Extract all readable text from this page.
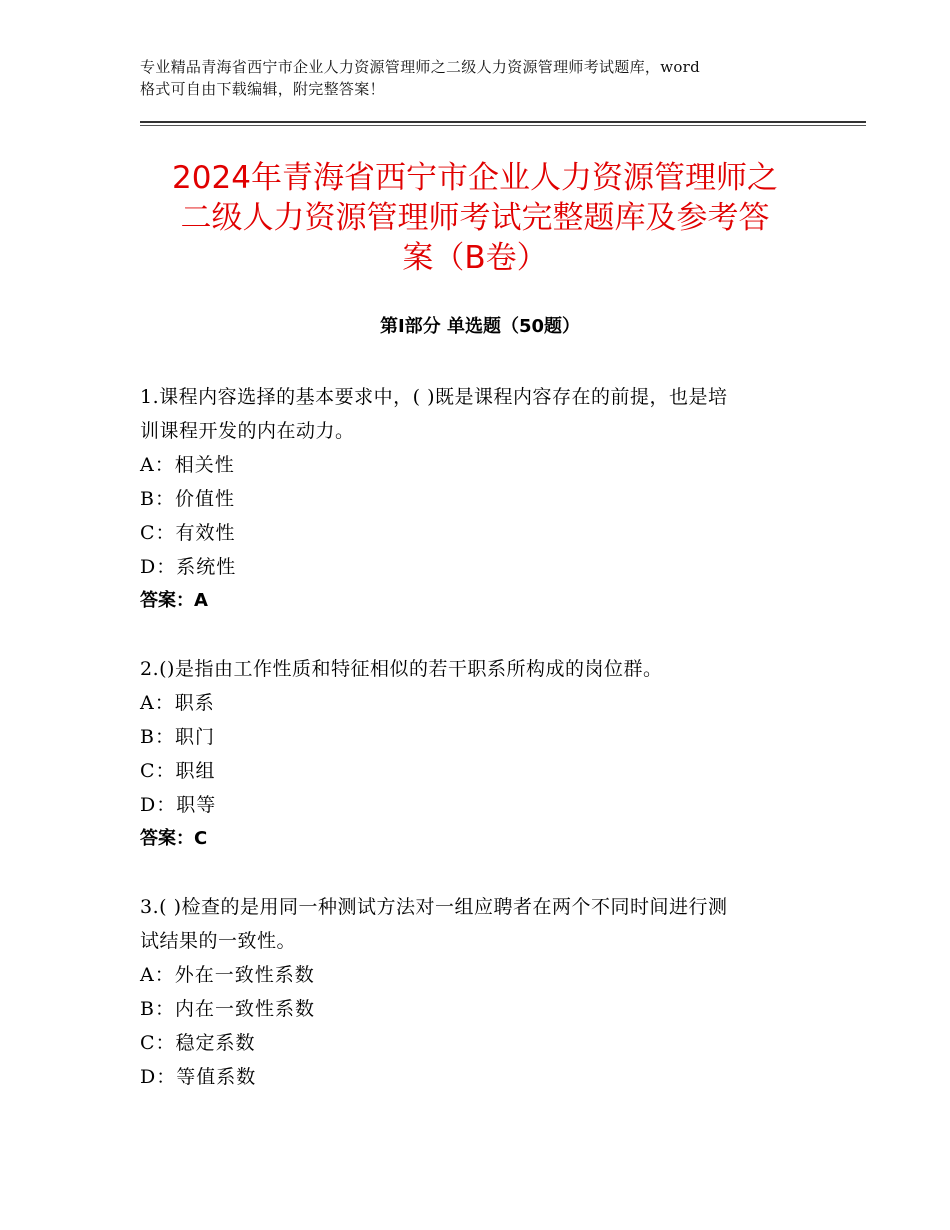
专业精品青海省西宁市企业人力资源管理师之二级人力资源管理师考试题库，word
格式可自由下载编辑，附完整答案！
2024年青海省西宁市企业人力资源管理师之
二级人力资源管理师考试完整题库及参考答
案（B卷）
第Ⅰ部分 单选题（50题）
1.课程内容选择的基本要求中，( )既是课程内容存在的前提，也是培
训课程开发的内在动力。
A：相关性
B：价值性
C：有效性
D：系统性
答案：A
2.()是指由工作性质和特征相似的若干职系所构成的岗位群。
A：职系
B：职门
C：职组
D：职等
答案：C
3.( )检查的是用同一种测试方法对一组应聘者在两个不同时间进行测
试结果的一致性。
A：外在一致性系数
B：内在一致性系数
C：稳定系数
D：等值系数
